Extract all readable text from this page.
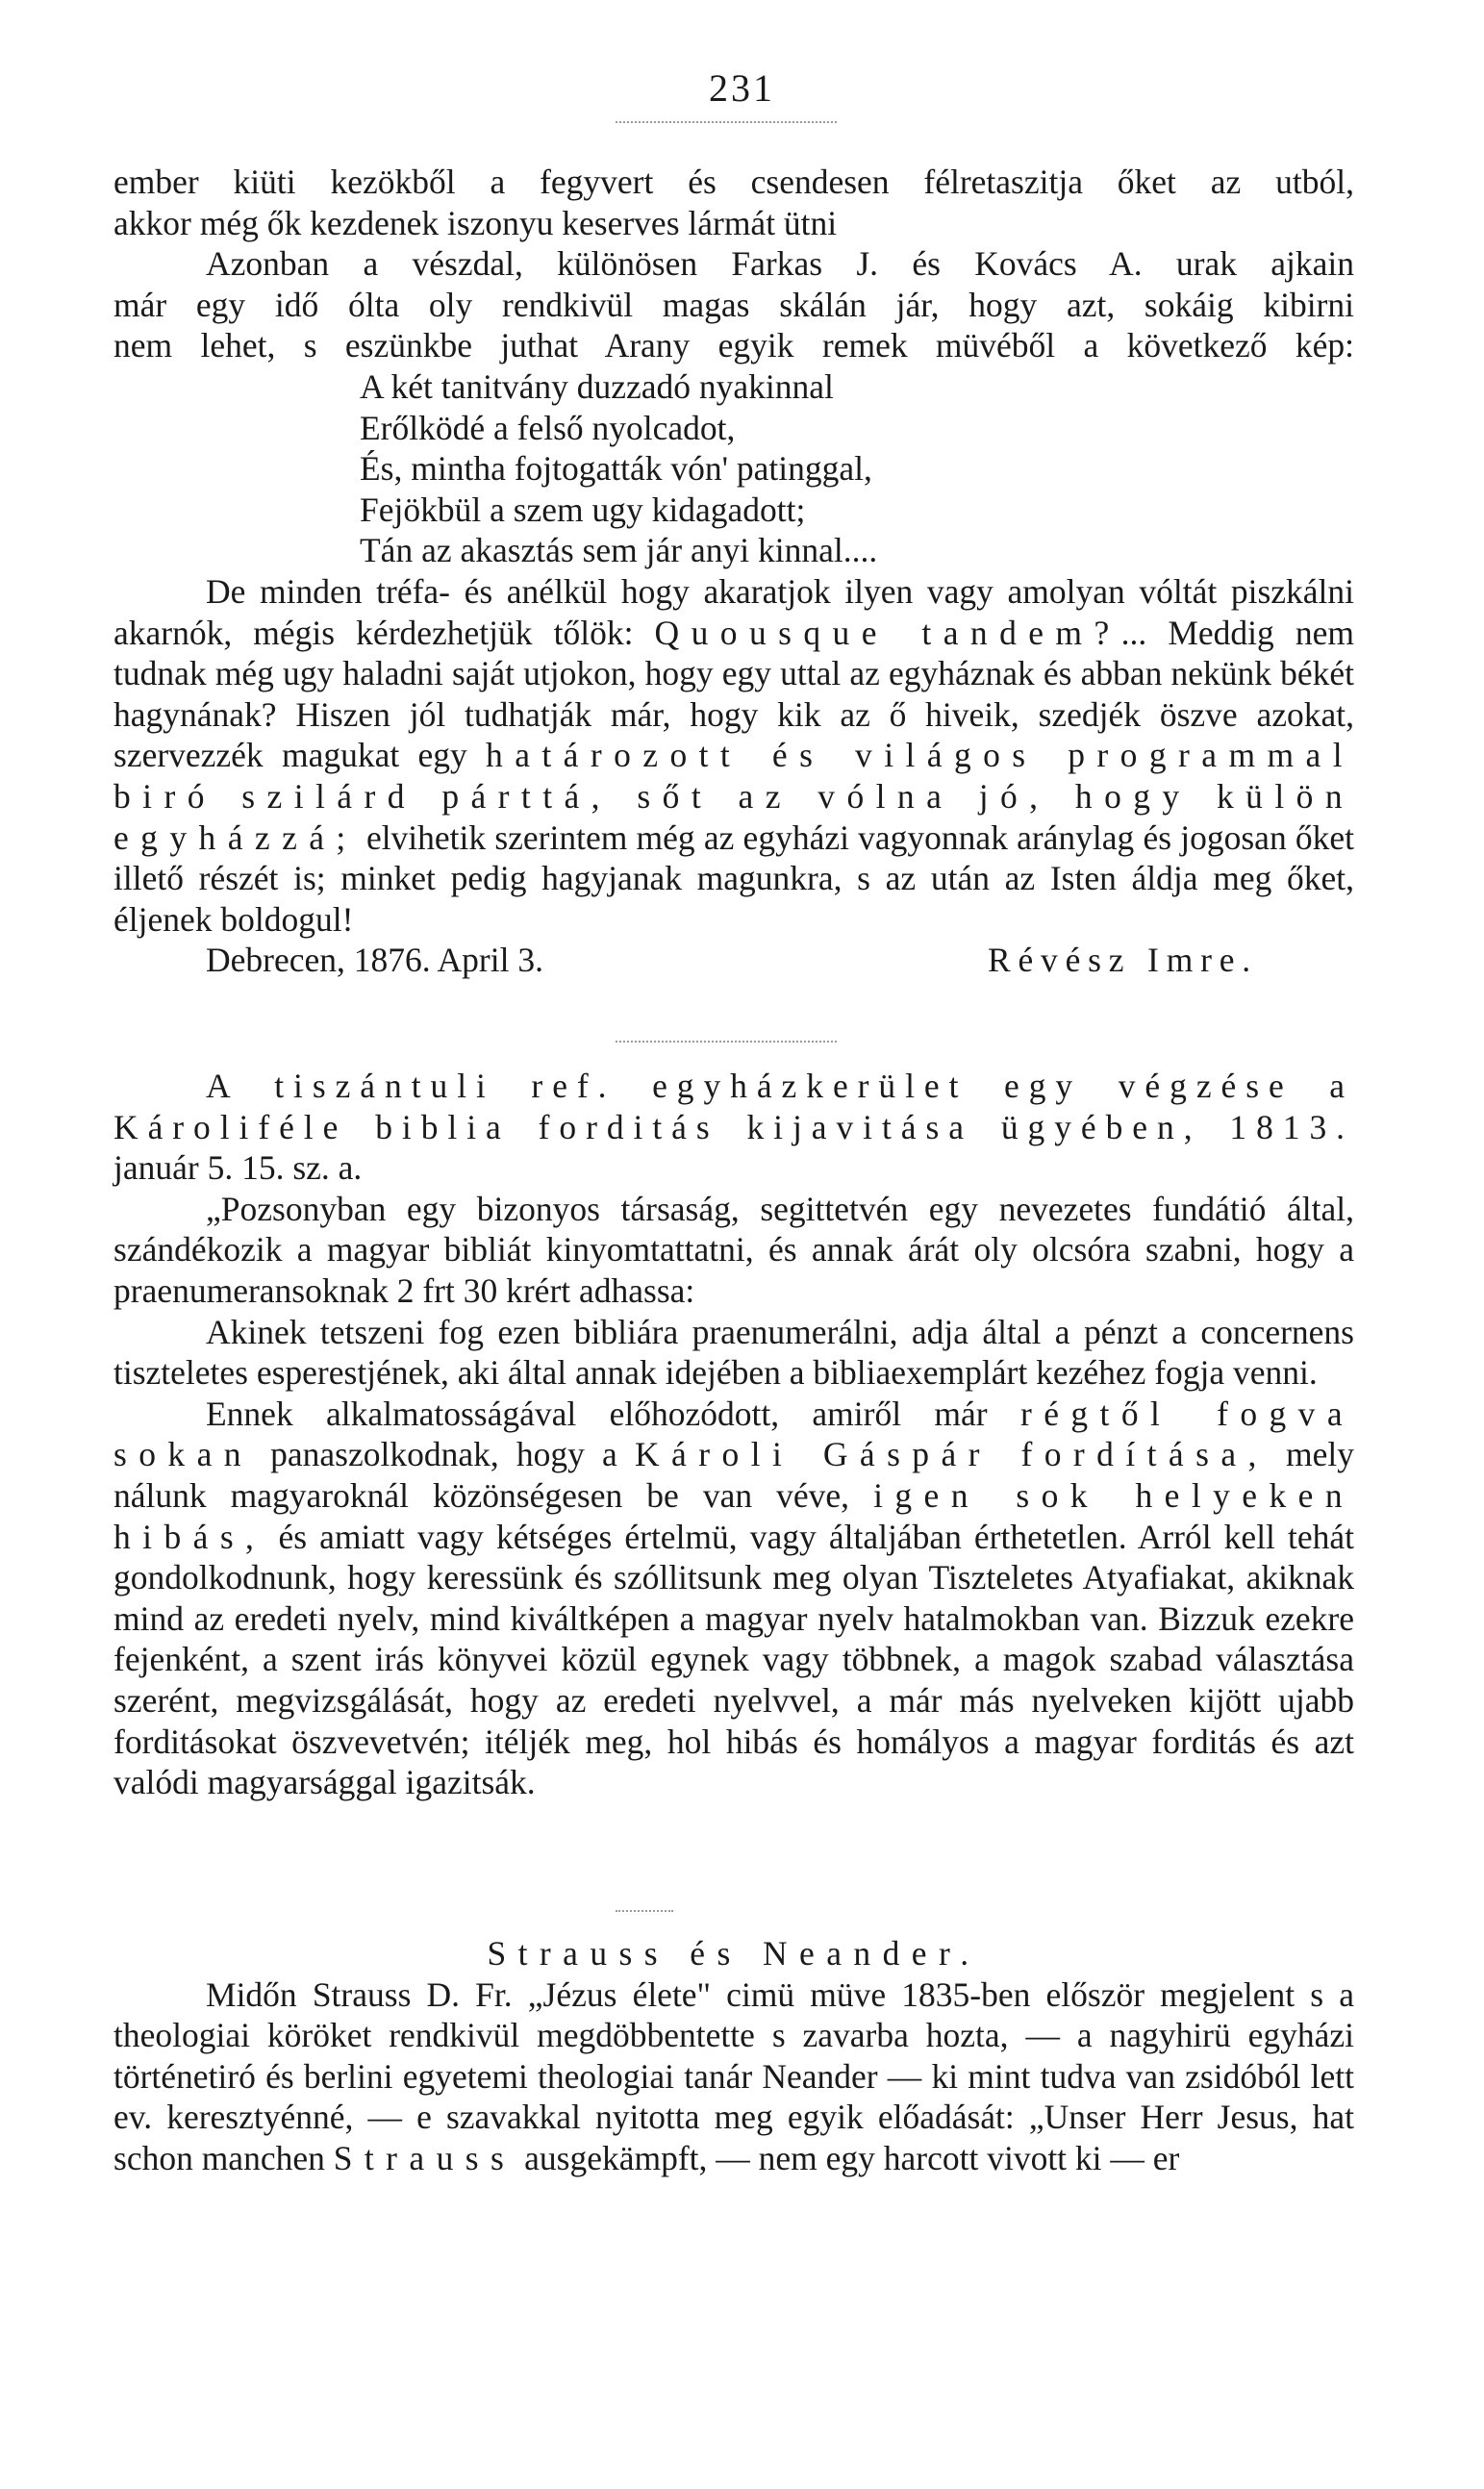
231

ember kiüti kezökből a fegyvert és csendesen félretaszitja őket az utból,

akkor még ők kezdenek iszonyu keserves lármát ütni

Azonban a vészdal, különösen Farkas J. és Kovács A. urak ajkain

már egy idő ólta oly rendkivül magas skálán jár, hogy azt, sokáig kibirni

nem lehet, s eszünkbe juthat Arany egyik remek müvéből a következő kép:

A két tanitvány duzzadó nyakinnal

Erőlködé a felső nyolcadot,

És, mintha fojtogatták vón' patinggal,

Fejökbül a szem ugy kidagadott;

Tán az akasztás sem jár anyi kinnal....

De minden tréfa- és anélkül hogy akaratjok ilyen vagy amolyan vóltát piszkálni akarnók, mégis kérdezhetjük tőlök: Quousque tandem?... Meddig nem tudnak még ugy haladni saját utjokon, hogy egy uttal az egyháznak és abban nekünk békét hagynának? Hiszen jól tudhatják már, hogy kik az ő hiveik, szedjék öszve azokat, szervezzék magukat egy határozott és világos programmal biró szilárd párttá, sőt az vólna jó, hogy külön egyházzá; elvihetik szerintem még az egyházi vagyonnak aránylag és jogosan őket illető részét is; minket pedig hagyjanak magunkra, s az után az Isten áldja meg őket, éljenek boldogul!

Debrecen, 1876. April 3.	Révész Imre.

A tiszántuli ref. egyházkerület egy végzése a Károliféle biblia forditás kijavitása ügyében, 1813.

január 5. 15. sz. a.

„Pozsonyban egy bizonyos társaság, segittetvén egy nevezetes fundátió által, szándékozik a magyar bibliát kinyomtattatni, és annak árát oly olcsóra szabni, hogy a praenumeransoknak 2 frt 30 krért adhassa:

Akinek tetszeni fog ezen bibliára praenumerálni, adja által a pénzt a concernens tiszteletes esperestjének, aki által annak idejében a bibliaexemplárt kezéhez fogja venni.

Ennek alkalmatosságával előhozódott, amiről már régtől fogva sokan panaszolkodnak, hogy a Károli Gáspár fordítása, mely nálunk magyaroknál közönségesen be van véve, igen sok helyeken hibás, és amiatt vagy kétséges értelmü, vagy általjában érthetetlen. Arról kell tehát gondolkodnunk, hogy keressünk és szóllitsunk meg olyan Tiszteletes Atyafiakat, akiknak mind az eredeti nyelv, mind kiváltképen a magyar nyelv hatalmokban van. Bizzuk ezekre fejenként, a szent irás könyvei közül egynek vagy többnek, a magok szabad választása szerént, megvizsgálását, hogy az eredeti nyelvvel, a már más nyelveken kijött ujabb forditásokat öszvevetvén; itéljék meg, hol hibás és homályos a magyar forditás és azt valódi magyarsággal igazitsák.

Strauss és Neander.

Midőn Strauss D. Fr. „Jézus élete" cimü müve 1835-ben először megjelent s a theologiai köröket rendkivül megdöbbentette s zavarba hozta, — a nagyhirü egyházi történetiró és berlini egyetemi theologiai tanár Neander — ki mint tudva van zsidóból lett ev. keresztyénné, — e szavakkal nyitotta meg egyik előadását: „Unser Herr Jesus, hat schon manchen Strauss ausgekämpft, — nem egy harcott vivott ki — er
